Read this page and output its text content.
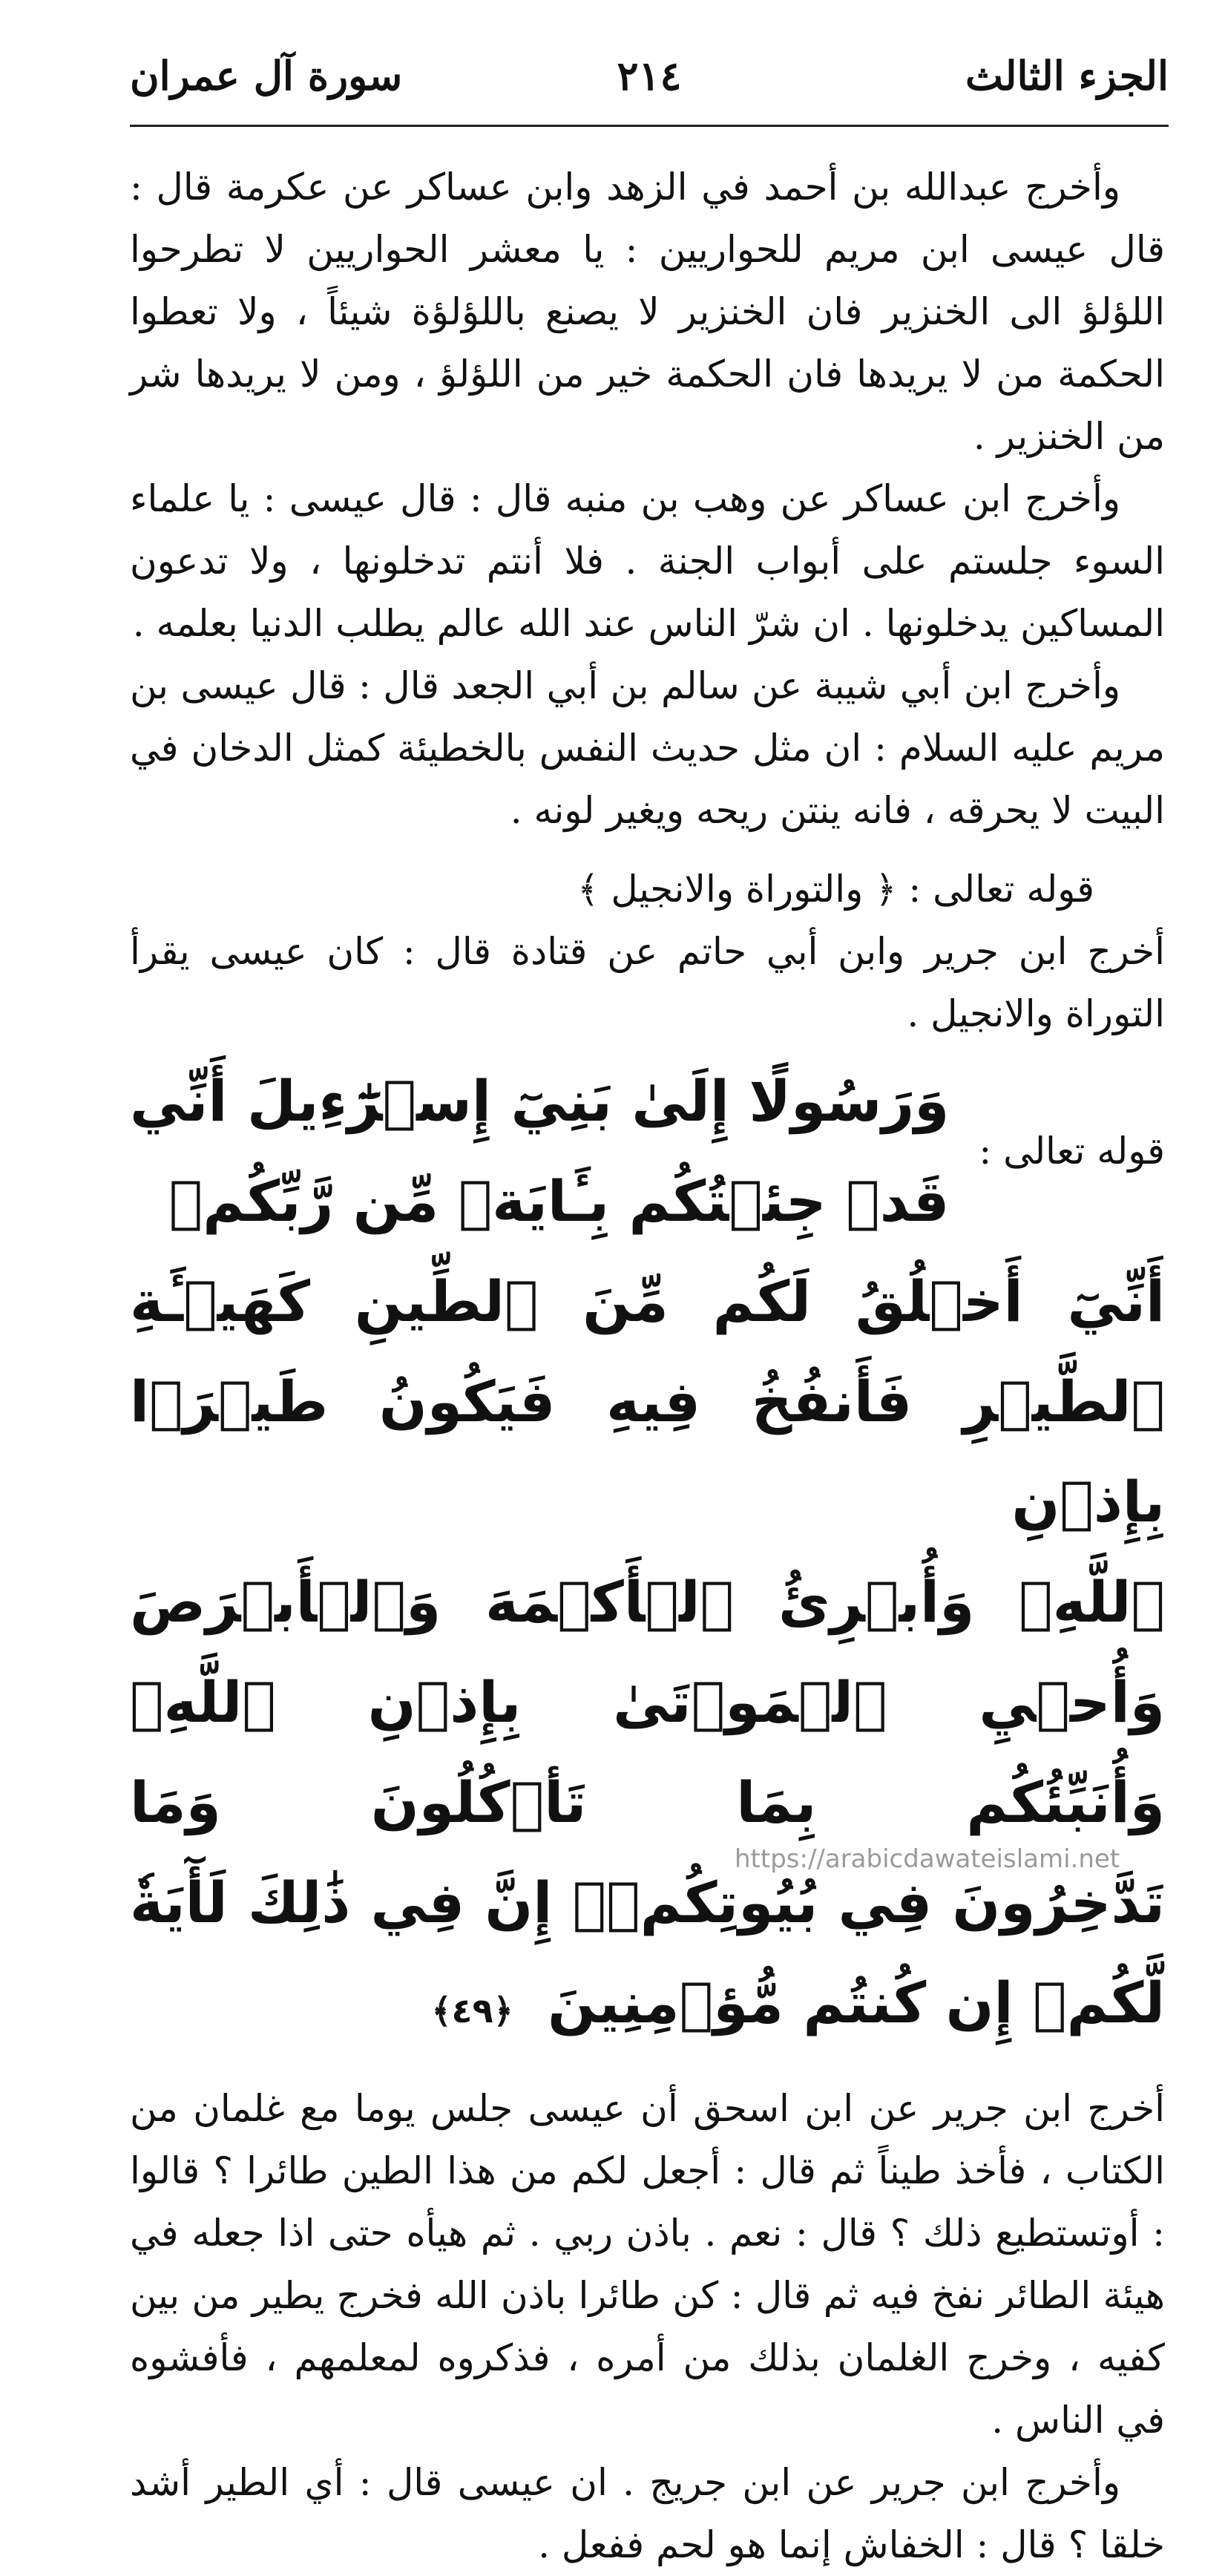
الجزء الثالث
٢١٤
سورة آل عمران

وأخرج عبدالله بن أحمد في الزهد وابن عساكر عن عكرمة قال : قال عيسى ابن مريم للحواريين : يا معشر الحواريين لا تطرحوا اللؤلؤ الى الخنزير فان الخنزير لا يصنع باللؤلؤة شيئاً ، ولا تعطوا الحكمة من لا يريدها فان الحكمة خير من اللؤلؤ ، ومن لا يريدها شر من الخنزير .

وأخرج ابن عساكر عن وهب بن منبه قال : قال عيسى : يا علماء السوء جلستم على أبواب الجنة . فلا أنتم تدخلونها ، ولا تدعون المساكين يدخلونها . ان شرّ الناس عند الله عالم يطلب الدنيا بعلمه .

وأخرج ابن أبي شيبة عن سالم بن أبي الجعد قال : قال عيسى بن مريم عليه السلام : ان مثل حديث النفس بالخطيئة كمثل الدخان في البيت لا يحرقه ، فانه ينتن ريحه ويغير لونه .

قوله تعالى : ﴿ والتوراة والانجيل ﴾

أخرج ابن جرير وابن أبي حاتم عن قتادة قال : كان عيسى يقرأ التوراة والانجيل .

قوله تعالى :
وَرَسُولًا إِلَىٰ بَنِيٓ إِسۡرَٰٓءِيلَ أَنِّي قَدۡ جِئۡتُكُم بِـَٔايَةٖ مِّن رَّبِّكُمۡ
أَنِّيٓ أَخۡلُقُ لَكُم مِّنَ ٱلطِّينِ كَهَيۡـَٔةِ ٱلطَّيۡرِ فَأَنفُخُ فِيهِ فَيَكُونُ طَيۡرَۢا بِإِذۡنِ
ٱللَّهِۖ وَأُبۡرِئُ ٱلۡأَكۡمَهَ وَٱلۡأَبۡرَصَ وَأُحۡيِ ٱلۡمَوۡتَىٰ بِإِذۡنِ ٱللَّهِۖ وَأُنَبِّئُكُم بِمَا تَأۡكُلُونَ وَمَا
تَدَّخِرُونَ فِي بُيُوتِكُمۡۚ إِنَّ فِي ذَٰلِكَ لَأٓيَةٗ لَّكُمۡ إِن كُنتُم مُّؤۡمِنِينَ ﴿٤٩﴾

أخرج ابن جرير عن ابن اسحق أن عيسى جلس يوما مع غلمان من الكتاب ، فأخذ طيناً ثم قال : أجعل لكم من هذا الطين طائرا ؟ قالوا : أوتستطيع ذلك ؟ قال : نعم . باذن ربي . ثم هيأه حتى اذا جعله في هيئة الطائر نفخ فيه ثم قال : كن طائرا باذن الله فخرج يطير من بين كفيه ، وخرج الغلمان بذلك من أمره ، فذكروه لمعلمهم ، فأفشوه في الناس .

وأخرج ابن جرير عن ابن جريج . ان عيسى قال : أي الطير أشد خلقا ؟ قال : الخفاش إنما هو لحم ففعل .

https://arabicdawateislami.net
